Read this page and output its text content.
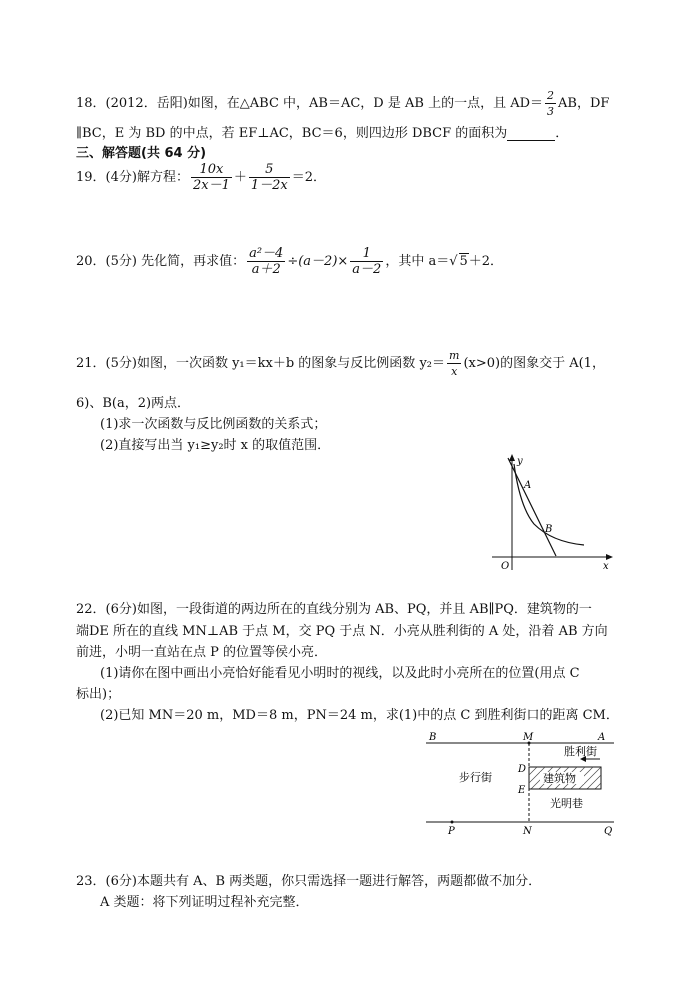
18．(2012．岳阳)如图，在△ABC 中，AB＝AC，D 是 AB 上的一点，且 $AD= \frac{2}{3}$ AB，DF
∥BC，E 为 BD 的中点，若 EF⊥AC，BC＝6，则四边形 DBCF 的面积为	．
三、解答题(共 64 分)
19．(4分)解方程： $\frac{10x}{2x-1} + \frac{5}{1-2x} =2$．
20．(5分) 先化简，再求值： $\frac{\text{a²－4}}{a+2} \div(a-2)\times \frac{1}{a-2}$ ，其中 a＝√ 5＋2．
21．(5分)如图，一次函数 y₁＝kx＋b 的图象与反比例函数 $y_2= \frac{m}{x} (x>0)$的图象交于 A(1，
6)、B(a，2)两点．
(1)求一次函数与反比例函数的关系式；
(2)直接写出当 y₁≥y₂时 x 的取值范围．
y
x
O
A
B
22．(6分)如图，一段街道的两边所在的直线分别为 AB、PQ，并且 AB∥PQ．建筑物的一
端DE 所在的直线 MN⊥AB 于点 M，交 PQ 于点 N．小亮从胜利街的 A 处，沿着 AB 方向
前进，小明一直站在点 P 的位置等侯小亮．
(1)请你在图中画出小亮恰好能看见小明时的视线，以及此时小亮所在的位置(用点 C
标出)；
(2)已知 MN＝20 m，MD＝8 m，PN＝24 m，求(1)中的点 C 到胜利街口的距离 CM．
B	M	A
D
E
P	N	Q
胜利街
步行街	建筑物
光明巷
23．(6分)本题共有 A、B 两类题，你只需选择一题进行解答，两题都做不加分．
A 类题：将下列证明过程补充完整．
